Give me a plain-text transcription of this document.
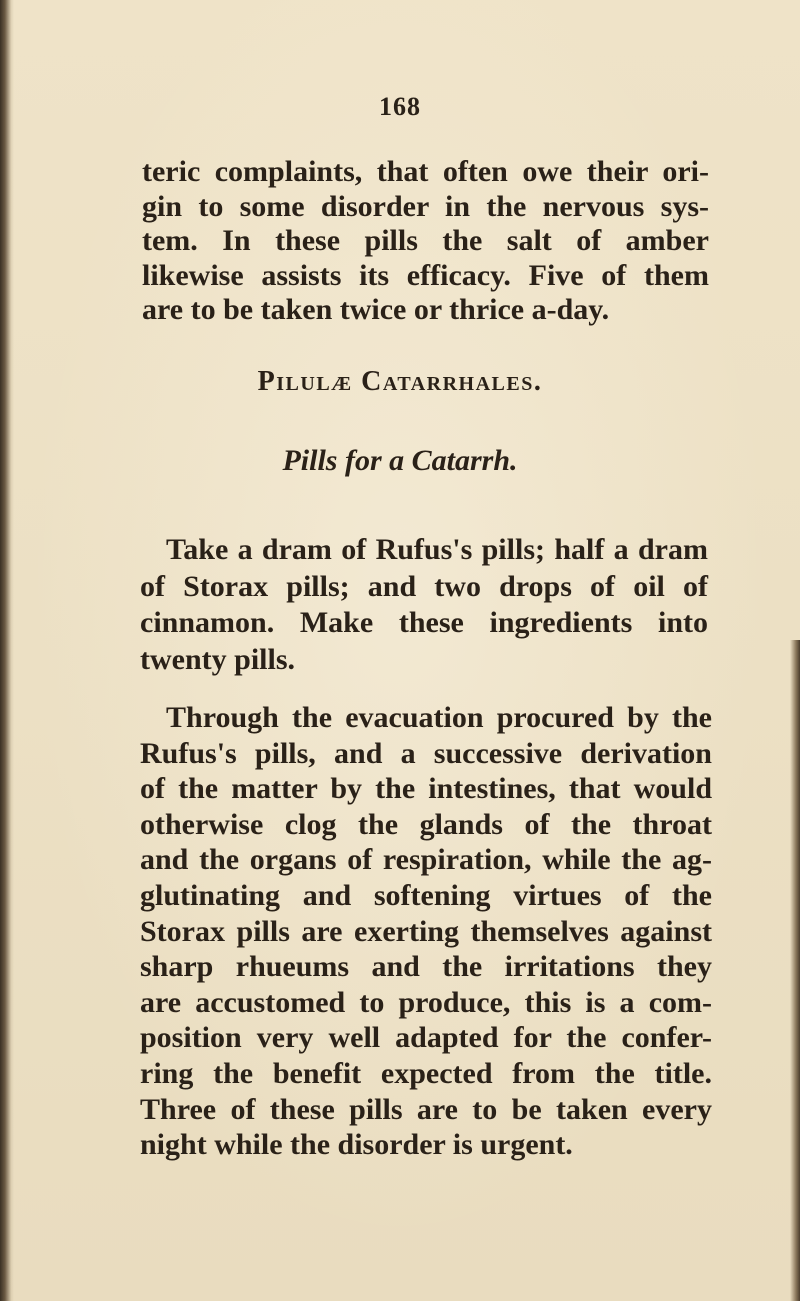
168
teric complaints, that often owe their ori-
gin to some disorder in the nervous sys-
tem. In these pills the salt of amber
likewise assists its efficacy. Five of them
are to be taken twice or thrice a-day.
Pilulæ Catarrhales.
Pills for a Catarrh.
Take a dram of Rufus's pills; half a dram
of Storax pills; and two drops of oil of
cinnamon. Make these ingredients into
twenty pills.
Through the evacuation procured by the
Rufus's pills, and a successive derivation
of the matter by the intestines, that would
otherwise clog the glands of the throat
and the organs of respiration, while the ag-
glutinating and softening virtues of the
Storax pills are exerting themselves against
sharp rhueums and the irritations they
are accustomed to produce, this is a com-
position very well adapted for the confer-
ring the benefit expected from the title.
Three of these pills are to be taken every
night while the disorder is urgent.
